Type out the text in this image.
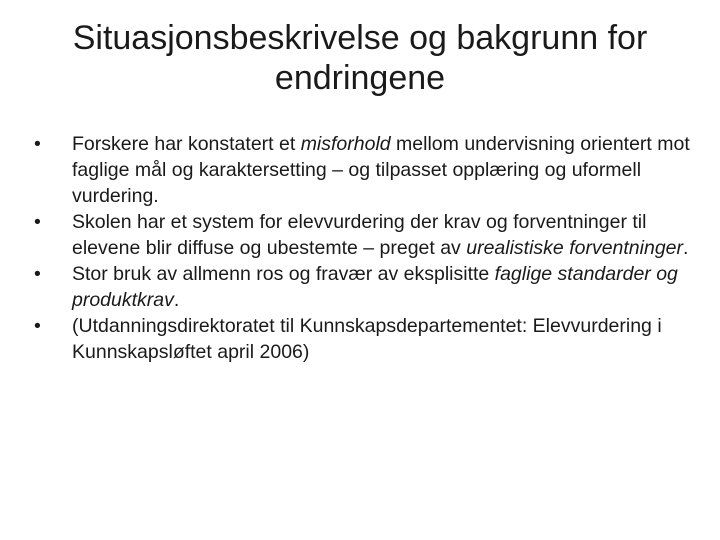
Situasjonsbeskrivelse og bakgrunn for
endringene
•	Forskere har konstatert et misforhold mellom undervisning orientert mot faglige mål og karaktersetting – og tilpasset opplæring og uformell vurdering.
•	Skolen har et system for elevvurdering der krav og forventninger til elevene blir diffuse og ubestemte – preget av urealistiske forventninger.
•	Stor bruk av allmenn ros og fravær av eksplisitte faglige standarder og produktkrav.
•	(Utdanningsdirektoratet til Kunnskapsdepartementet: Elevvurdering i Kunnskapsløftet april 2006)
